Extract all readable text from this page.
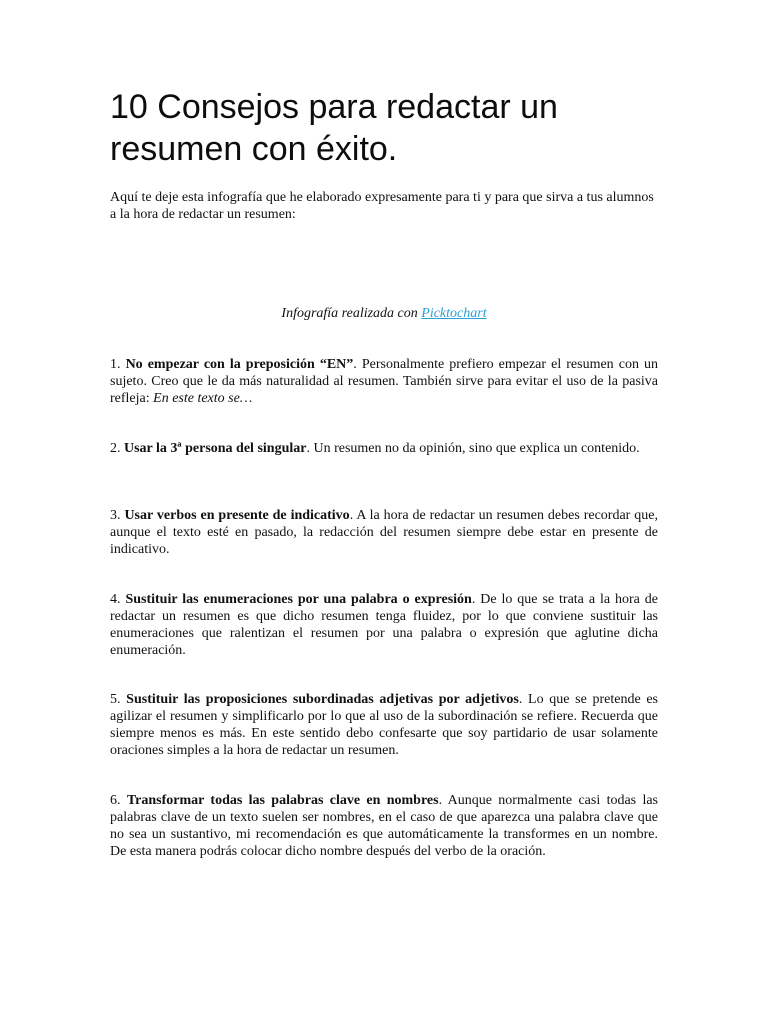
10 Consejos para redactar un resumen con éxito.

Aquí te deje esta infografía que he elaborado expresamente para ti y para que sirva a tus alumnos a la hora de redactar un resumen:

Infografía realizada con Picktochart

1. No empezar con la preposición “EN”. Personalmente prefiero empezar el resumen con un sujeto. Creo que le da más naturalidad al resumen. También sirve para evitar el uso de la pasiva refleja: En este texto se…

2. Usar la 3ª persona del singular. Un resumen no da opinión, sino que explica un contenido.

3. Usar verbos en presente de indicativo. A la hora de redactar un resumen debes recordar que, aunque el texto esté en pasado, la redacción del resumen siempre debe estar en presente de indicativo.

4. Sustituir las enumeraciones por una palabra o expresión. De lo que se trata a la hora de redactar un resumen es que dicho resumen tenga fluidez, por lo que conviene sustituir las enumeraciones que ralentizan el resumen por una palabra o expresión que aglutine dicha enumeración.

5. Sustituir las proposiciones subordinadas adjetivas por adjetivos. Lo que se pretende es agilizar el resumen y simplificarlo por lo que al uso de la subordinación se refiere. Recuerda que siempre menos es más. En este sentido debo confesarte que soy partidario de usar solamente oraciones simples a la hora de redactar un resumen.

6. Transformar todas las palabras clave en nombres. Aunque normalmente casi todas las palabras clave de un texto suelen ser nombres, en el caso de que aparezca una palabra clave que no sea un sustantivo, mi recomendación es que automáticamente la transformes en un nombre. De esta manera podrás colocar dicho nombre después del verbo de la oración.
